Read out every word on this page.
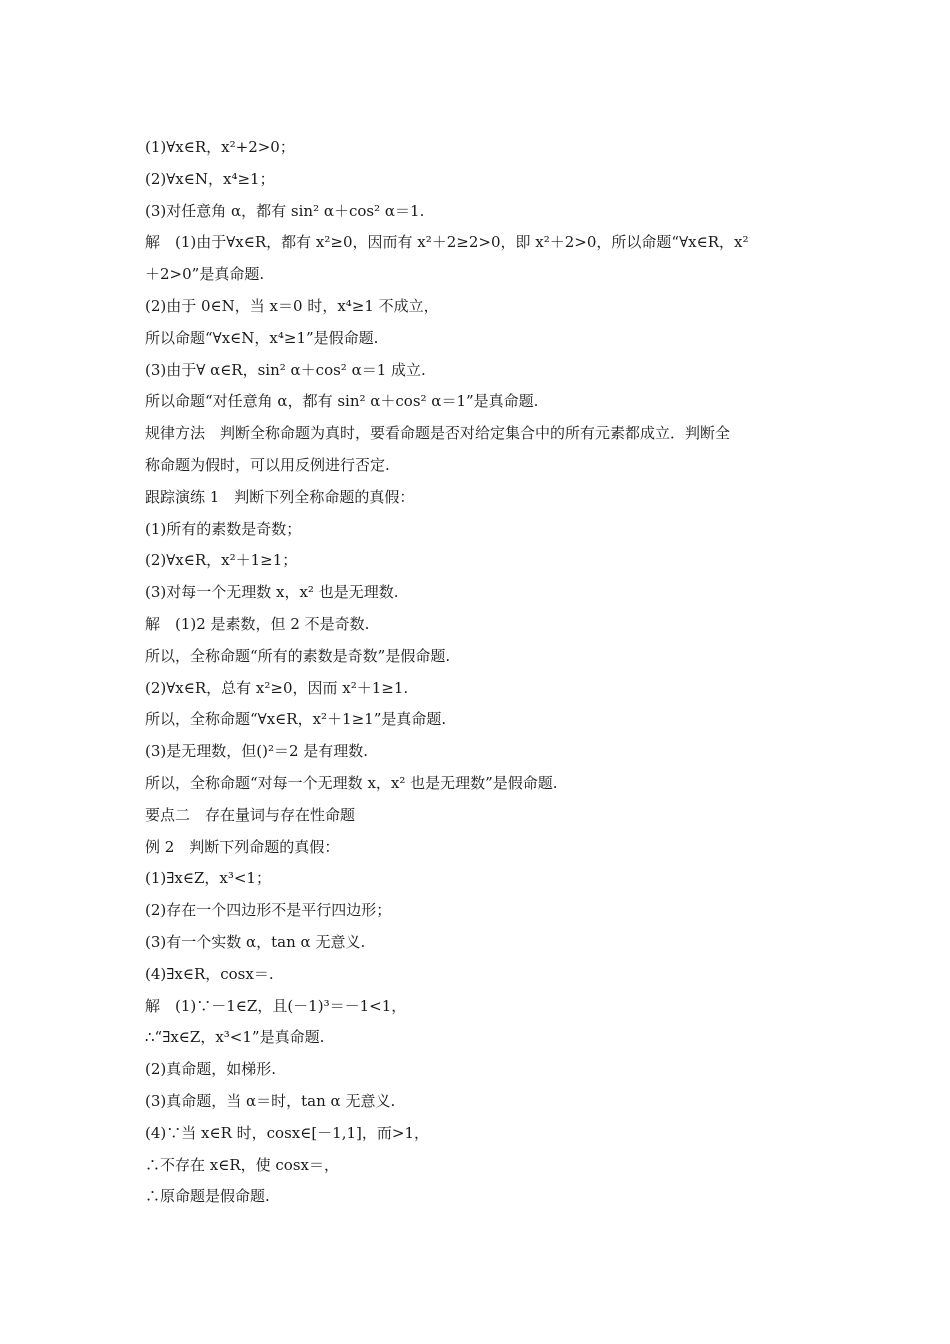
(1)∀x∈R，x²+2>0；

(2)∀x∈N，x⁴≥1；

(3)对任意角 α，都有 sin² α＋cos² α＝1.

解　(1)由于∀x∈R，都有 x²≥0，因而有 x²＋2≥2>0，即 x²＋2>0，所以命题“∀x∈R，x²

＋2>0”是真命题.

(2)由于 0∈N，当 x＝0 时，x⁴≥1 不成立，

所以命题“∀x∈N，x⁴≥1”是假命题.

(3)由于∀ α∈R，sin² α＋cos² α＝1 成立.

所以命题“对任意角 α，都有 sin² α＋cos² α＝1”是真命题.

规律方法　判断全称命题为真时，要看命题是否对给定集合中的所有元素都成立．判断全

称命题为假时，可以用反例进行否定.

跟踪演练 1　判断下列全称命题的真假：

(1)所有的素数是奇数；

(2)∀x∈R，x²＋1≥1；

(3)对每一个无理数 x，x² 也是无理数.

解　(1)2 是素数，但 2 不是奇数.

所以，全称命题“所有的素数是奇数”是假命题.

(2)∀x∈R，总有 x²≥0，因而 x²＋1≥1.

所以，全称命题“∀x∈R，x²＋1≥1”是真命题.

(3)是无理数，但()²＝2 是有理数.

所以，全称命题“对每一个无理数 x，x² 也是无理数”是假命题.

要点二　存在量词与存在性命题

例 2　判断下列命题的真假：

(1)∃x∈Z，x³<1；

(2)存在一个四边形不是平行四边形；

(3)有一个实数 α，tan α 无意义.

(4)∃x∈R，cosx＝.

解　(1)∵－1∈Z，且(－1)³＝－1<1，

∴“∃x∈Z，x³<1”是真命题.

(2)真命题，如梯形.

(3)真命题，当 α＝时，tan α 无意义.

(4)∵当 x∈R 时，cosx∈[－1,1]，而>1，

∴不存在 x∈R，使 cosx＝，

∴原命题是假命题.
